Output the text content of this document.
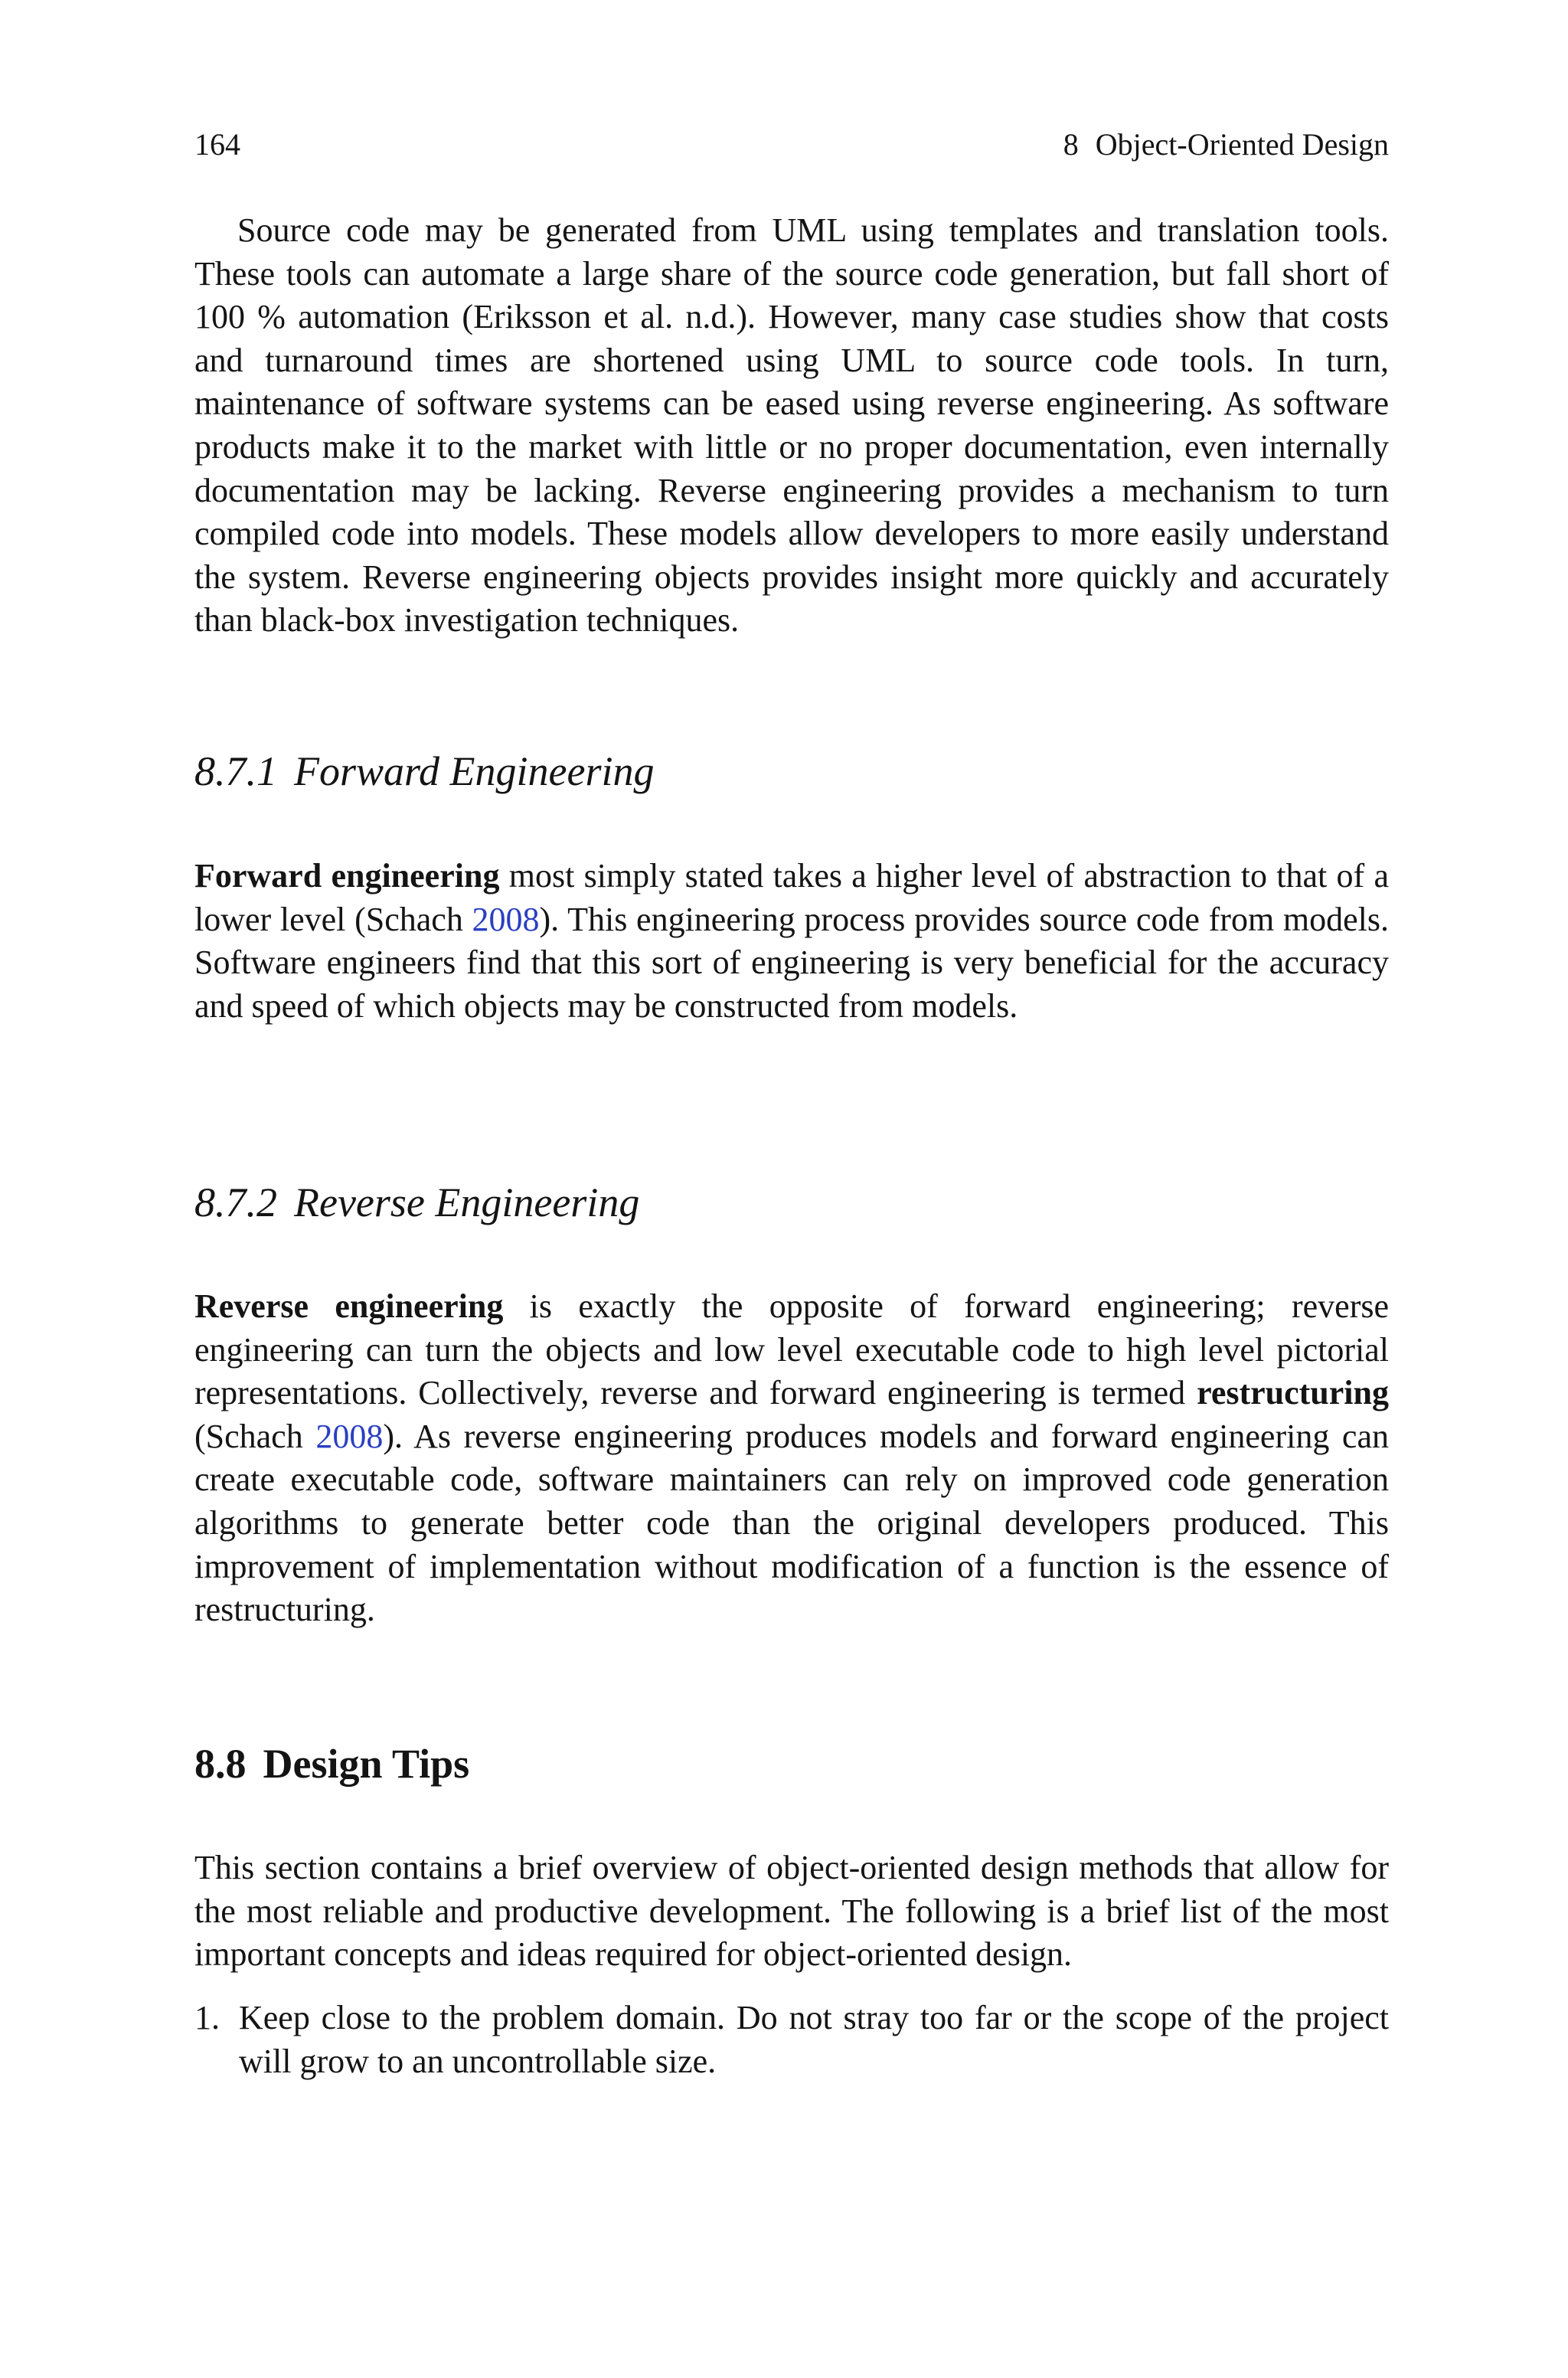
164	8 Object-Oriented Design

Source code may be generated from UML using templates and translation tools. These tools can automate a large share of the source code generation, but fall short of 100 % automation (Eriksson et al. n.d.). However, many case studies show that costs and turnaround times are shortened using UML to source code tools. In turn, maintenance of software systems can be eased using reverse engineering. As software products make it to the market with little or no proper documentation, even internally documentation may be lacking. Reverse engineering provides a mechanism to turn compiled code into models. These models allow developers to more easily understand the system. Reverse engineering objects provides insight more quickly and accurately than black-box investigation techniques.

8.7.1 Forward Engineering

Forward engineering most simply stated takes a higher level of abstraction to that of a lower level (Schach 2008). This engineering process provides source code from models. Software engineers find that this sort of engineering is very beneficial for the accuracy and speed of which objects may be constructed from models.

8.7.2 Reverse Engineering

Reverse engineering is exactly the opposite of forward engineering; reverse engineering can turn the objects and low level executable code to high level pictorial representations. Collectively, reverse and forward engineering is termed restructuring (Schach 2008). As reverse engineering produces models and forward engineering can create executable code, software maintainers can rely on improved code generation algorithms to generate better code than the original developers produced. This improvement of implementation without modification of a function is the essence of restructuring.

8.8 Design Tips

This section contains a brief overview of object-oriented design methods that allow for the most reliable and productive development. The following is a brief list of the most important concepts and ideas required for object-oriented design.

1. Keep close to the problem domain. Do not stray too far or the scope of the project will grow to an uncontrollable size.
